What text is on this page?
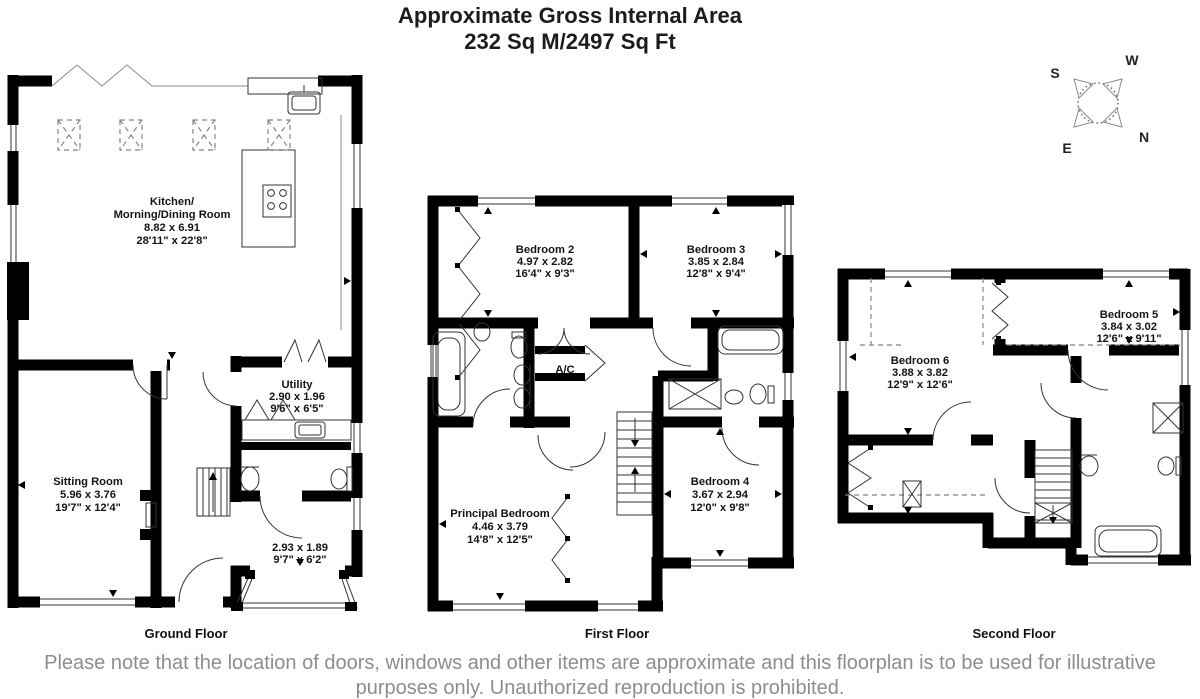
Approximate Gross Internal Area
232 Sq M/2497 Sq Ft
Kitchen/
Morning/Dining Room
8.82 x 6.91
28'11" x 22'8"
Sitting Room
5.96 x 3.76
19'7" x 12'4"
Utility
2.90 x 1.96
9'6" x 6'5"
2.93 x 1.89
9'7" x 6'2"
Bedroom 2
4.97 x 2.82
16'4" x 9'3"
Bedroom 3
3.85 x 2.84
12'8" x 9'4"
A/C
Principal Bedroom
4.46 x 3.79
14'8" x 12'5"
Bedroom 4
3.67 x 2.94
12'0" x 9'8"
Bedroom 5
3.84 x 3.02
12'6" x 9'11"
Bedroom 6
3.88 x 3.82
12'9" x 12'6"
W
S
E
N
Ground Floor	First Floor	Second Floor
Please note that the location of doors, windows and other items are approximate and this floorplan is to be used for illustrative
purposes only. Unauthorized reproduction is prohibited.
